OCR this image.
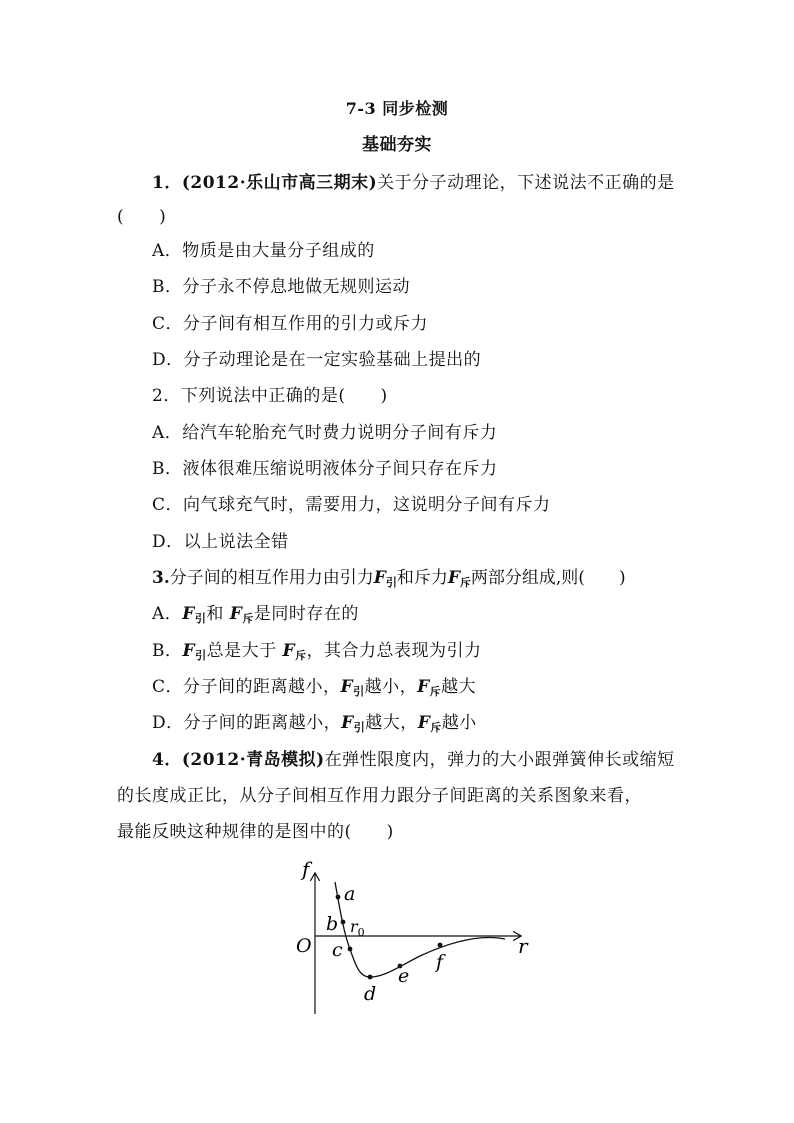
7-3 同步检测
基础夯实
1．(2012·乐山市高三期末)关于分子动理论，下述说法不正确的是
(　　)
A．物质是由大量分子组成的
B．分子永不停息地做无规则运动
C．分子间有相互作用的引力或斥力
D．分子动理论是在一定实验基础上提出的
2．下列说法中正确的是(　　)
A．给汽车轮胎充气时费力说明分子间有斥力
B．液体很难压缩说明液体分子间只存在斥力
C．向气球充气时，需要用力，这说明分子间有斥力
D．以上说法全错
3.分子间的相互作用力由引力$F_引$和斥力$F_斥$两部分组成,则(　　)
A．$F_引$和 $F_斥$是同时存在的
B．$F_引$总是大于 $F_斥$，其合力总表现为引力
C．分子间的距离越小，$F_引$越小，$F_斥$越大
D．分子间的距离越小，$F_引$越大，$F_斥$越小
4．(2012·青岛模拟)在弹性限度内，弹力的大小跟弹簧伸长或缩短
的长度成正比，从分子间相互作用力跟分子间距离的关系图象来看，
最能反映这种规律的是图中的(　　)
f
r
O
$r_0$
a
b
c
d
e
f
